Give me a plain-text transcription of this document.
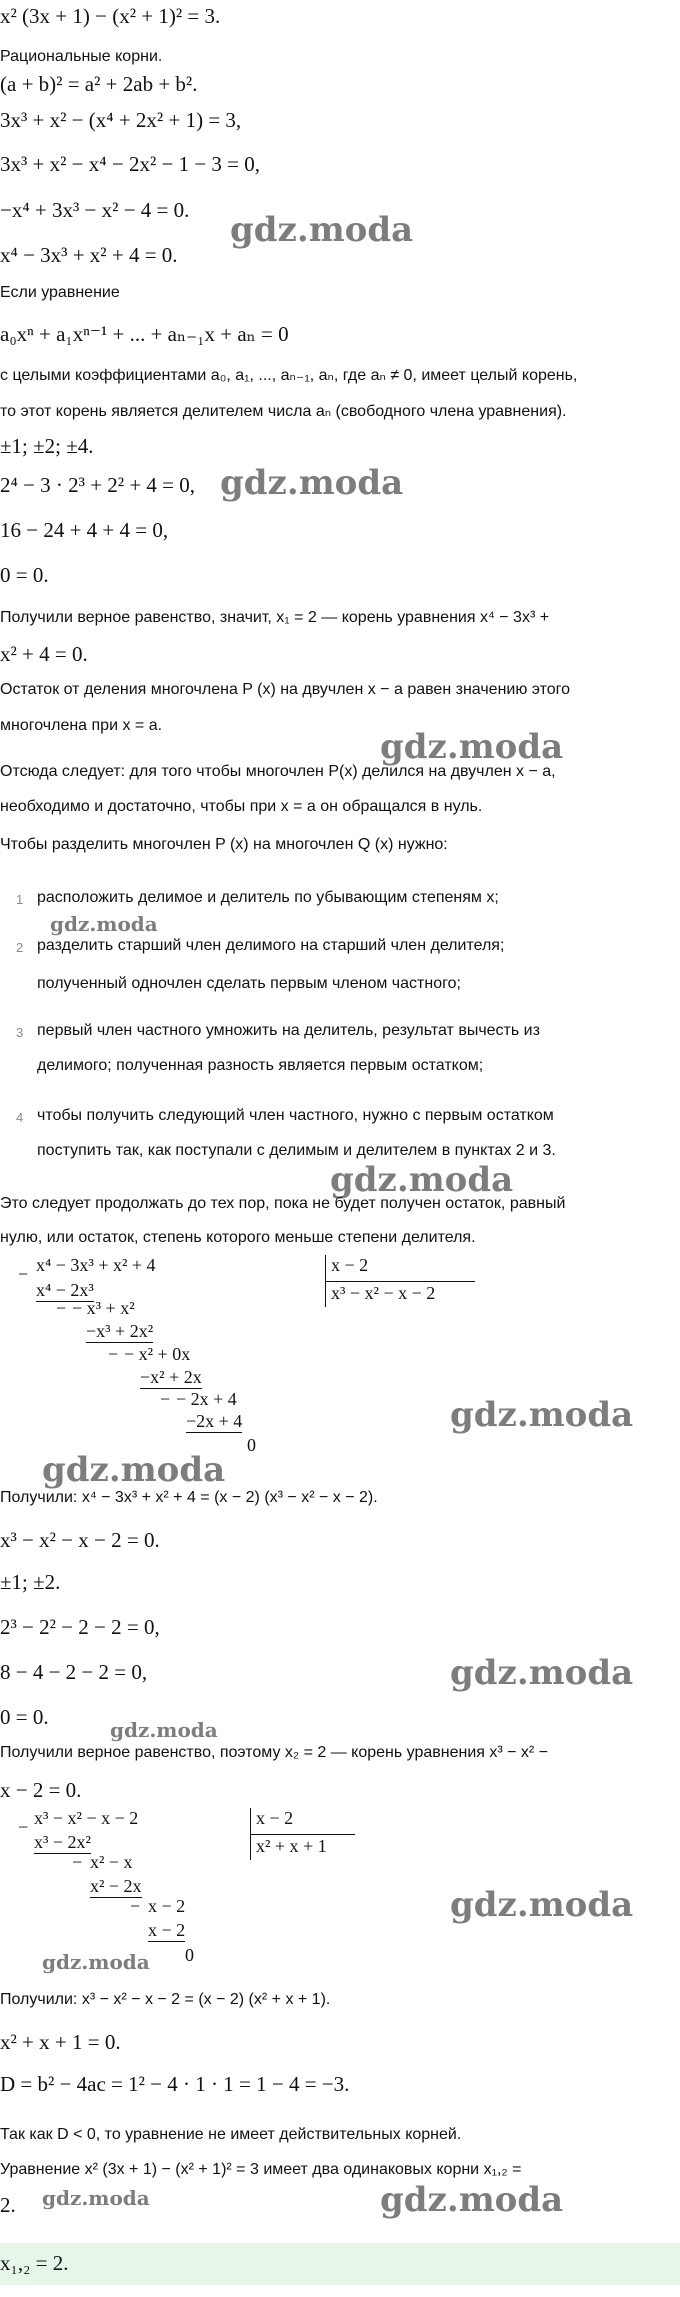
x² (3x + 1) − (x² + 1)² = 3.
Рациональные корни.
(a + b)² = a² + 2ab + b².
3x³ + x² − (x⁴ + 2x² + 1) = 3,
3x³ + x² − x⁴ − 2x² − 1 − 3 = 0,
−x⁴ + 3x³ − x² − 4 = 0.
x⁴ − 3x³ + x² + 4 = 0.
gdz.moda
Если уравнение
a₀xⁿ + a₁xⁿ⁻¹ + ... + aₙ₋₁x + aₙ = 0
с целыми коэффициентами a₀, a₁, ..., aₙ₋₁, aₙ, где aₙ ≠ 0, имеет целый корень,
то этот корень является делителем числа aₙ (свободного члена уравнения).
±1; ±2; ±4.
2⁴ − 3 · 2³ + 2² + 4 = 0, gdz.moda
16 − 24 + 4 + 4 = 0,
0 = 0.
Получили верное равенство, значит, x₁ = 2 — корень уравнения x⁴ − 3x³ +
x² + 4 = 0.
Остаток от деления многочлена P (x) на двучлен x − a равен значению этого
многочлена при x = a.
gdz.moda
Отсюда следует: для того чтобы многочлен P(x) делился на двучлен x − a,
необходимо и достаточно, чтобы при x = a он обращался в нуль.
Чтобы разделить многочлен P (x) на многочлен Q (x) нужно:
1 расположить делимое и делитель по убывающим степеням x;
gdz.moda
2 разделить старший член делимого на старший член делителя;
полученный одночлен сделать первым членом частного;
3 первый член частного умножить на делитель, результат вычесть из
делимого; полученная разность является первым остатком;
4 чтобы получить следующий член частного, нужно с первым остатком
поступить так, как поступали с делимым и делителем в пунктах 2 и 3.
gdz.moda
Это следует продолжать до тех пор, пока не будет получен остаток, равный
нулю, или остаток, степень которого меньше степени делителя.
− x⁴ − 3x³ + x² + 4
x⁴ − 2x³
− − x³ + x²
−x³ + 2x²
− − x² + 0x
−x² + 2x
− − 2x + 4
−2x + 4
0
x − 2
x³ − x² − x − 2
gdz.moda
gdz.moda
Получили: x⁴ − 3x³ + x² + 4 = (x − 2) (x³ − x² − x − 2).
x³ − x² − x − 2 = 0.
±1; ±2.
2³ − 2² − 2 − 2 = 0,
8 − 4 − 2 − 2 = 0,	gdz.moda
0 = 0.
gdz.moda
Получили верное равенство, поэтому x₂ = 2 — корень уравнения x³ − x² −
x − 2 = 0.
− x³ − x² − x − 2
x³ − 2x²
− x² − x
x² − 2x
− x − 2
x − 2
0
x − 2
x² + x + 1
gdz.moda
gdz.moda
Получили: x³ − x² − x − 2 = (x − 2) (x² + x + 1).
x² + x + 1 = 0.
D = b² − 4ac = 1² − 4 · 1 · 1 = 1 − 4 = −3.
Так как D < 0, то уравнение не имеет действительных корней.
Уравнение x² (3x + 1) − (x² + 1)² = 3 имеет два одинаковых корни x₁,₂ =
2. gdz.moda	gdz.moda
x₁,₂ = 2.
